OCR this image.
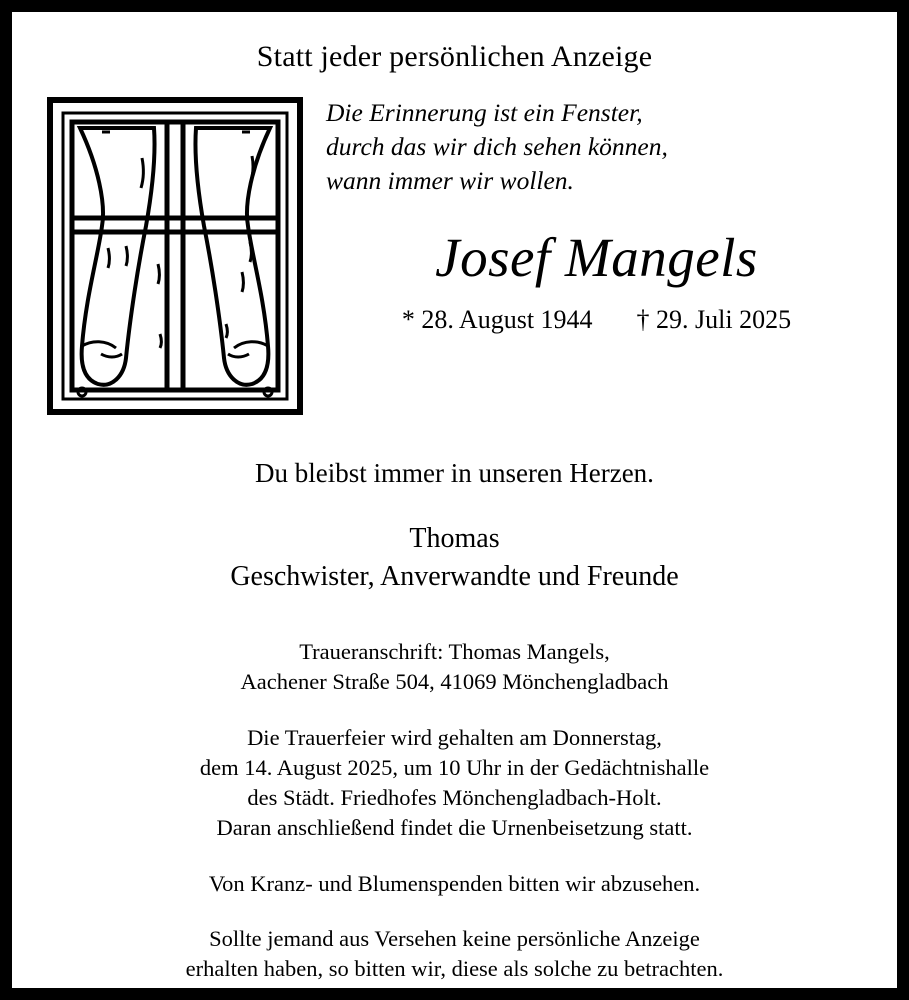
Statt jeder persönlichen Anzeige
Die Erinnerung ist ein Fenster,
durch das wir dich sehen können,
wann immer wir wollen.
Josef Mangels
* 28. August 1944 † 29. Juli 2025
Du bleibst immer in unseren Herzen.
Thomas
Geschwister, Anverwandte und Freunde
Traueranschrift: Thomas Mangels,
Aachener Straße 504, 41069 Mönchengladbach
Die Trauerfeier wird gehalten am Donnerstag,
dem 14. August 2025, um 10 Uhr in der Gedächtnishalle
des Städt. Friedhofes Mönchengladbach-Holt.
Daran anschließend findet die Urnenbeisetzung statt.
Von Kranz- und Blumenspenden bitten wir abzusehen.
Sollte jemand aus Versehen keine persönliche Anzeige
erhalten haben, so bitten wir, diese als solche zu betrachten.
